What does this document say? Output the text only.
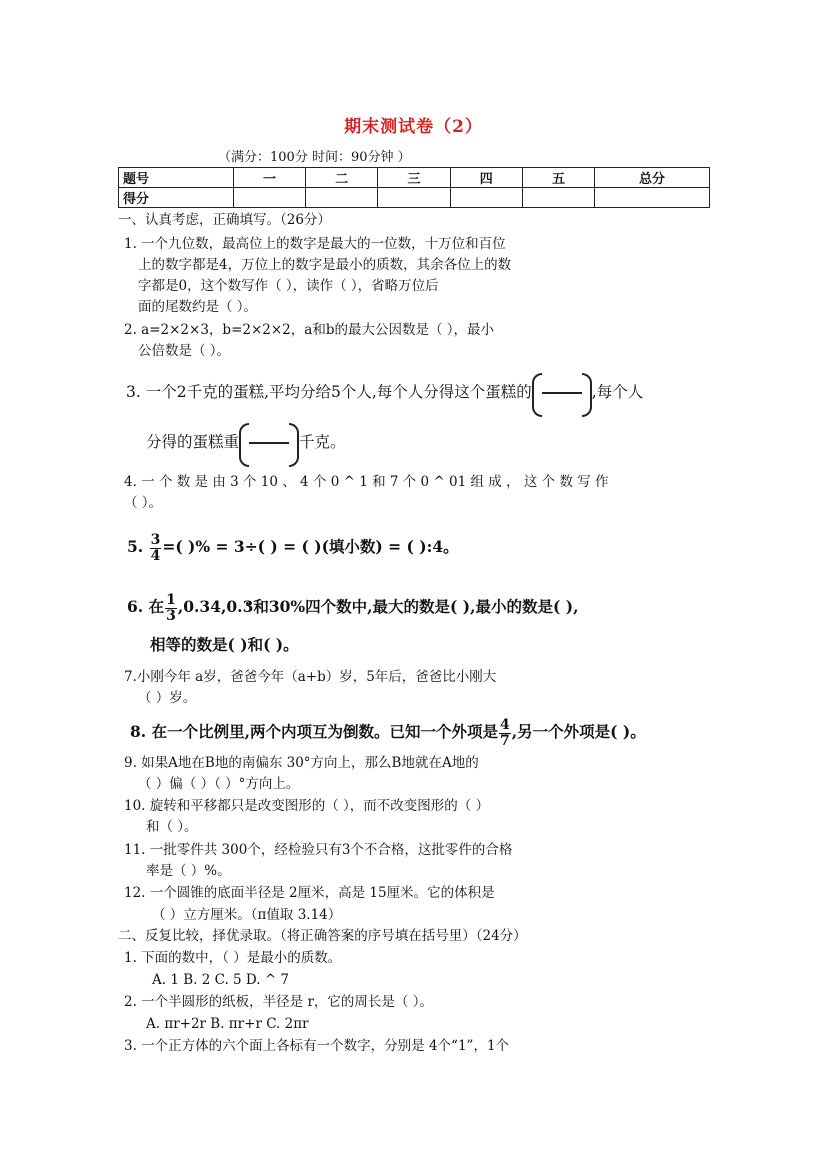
期末测试卷（2）
（满分：100分 时间：90分钟 ）
题号	一	二	三	四	五	总分
得分						
一、认真考虑，正确填写。（26分）
1. 一个九位数，最高位上的数字是最大的一位数，十万位和百位
上的数字都是4，万位上的数字是最小的质数，其余各位上的数
字都是0，这个数写作（ ），读作（ ），省略万位后
面的尾数约是（ ）。
2. a=2×2×3，b=2×2×2，a和b的最大公因数是（ ），最小
公倍数是（ ）。
3. 一个2千克的蛋糕,平均分给5个人,每个人分得这个蛋糕的	,每个人
分得的蛋糕重	千克。
4. 一 个 数 是 由 3 个 10 、 4 个 0 ^ 1 和 7 个 0 ^ 01 组 成 ， 这 个 数 写 作
（ ）。
5. $\frac{3}{4}$ =( )% = 3÷( ) = ( )(填小数) = ( ):4。
6. 在 $\frac{1}{3} ,0.34,0.\cdot 3$和30%四个数中,最大的数是( ),最小的数是( ),
相等的数是( )和( )。
7.小刚今年 a岁，爸爸今年（a+b）岁，5年后，爸爸比小刚大
（ ）岁。
8. 在一个比例里,两个内项互为倒数。已知一个外项是 $\frac{4}{7}$ ,另一个外项是( )。
9. 如果A地在B地的南偏东 30°方向上，那么B地就在A地的
（ ）偏（ ）（ ）°方向上。
10. 旋转和平移都只是改变图形的（ ），而不改变图形的（ ）
和（ ）。
11. 一批零件共 300个，经检验只有3个不合格，这批零件的合格
率是（ ）%。
12. 一个圆锥的底面半径是 2厘米，高是 15厘米。它的体积是
（ ）立方厘米。（π值取 3.14）
二、反复比较，择优录取。（将正确答案的序号填在括号里）（24分）
1. 下面的数中，（ ）是最小的质数。
A. 1 B. 2 C. 5 D. ^ 7
2. 一个半圆形的纸板，半径是 r，它的周长是（ ）。
A. πr+2r B. πr+r C. 2πr
3. 一个正方体的六个面上各标有一个数字，分别是 4个“1”，1个
